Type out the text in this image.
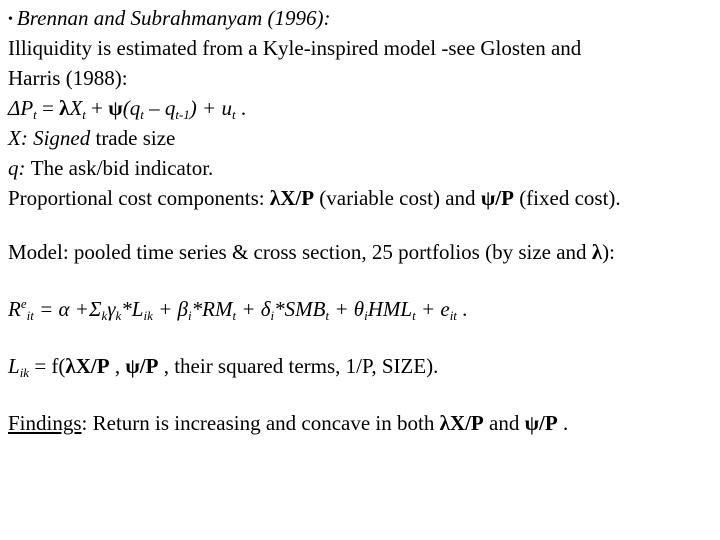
• Brennan and Subrahmanyam (1996):
Illiquidity is estimated from a Kyle-inspired model -see Glosten and
Harris (1988):
$\Delta P_t = \lambda X_t + \psi(q_t - q_{t-1}) + u_t$ .
X: Signed trade size
q: The ask/bid indicator.
Proportional cost components: λX/P (variable cost) and ψ/P (fixed cost).
Model: pooled time series & cross section, 25 portfolios (by size and λ):
$R^e_{it} = \alpha +\Sigma_k\gamma_k*L_{ik} + \beta_i*RM_t + \delta_i*SMB_t + \theta_iHML_t + e_{it}$ .
$L_{ik} = f(\lambda X/P$ , ψ/P , their squared terms, 1/P, SIZE).
Findings: Return is increasing and concave in both λX/P and ψ/P .
